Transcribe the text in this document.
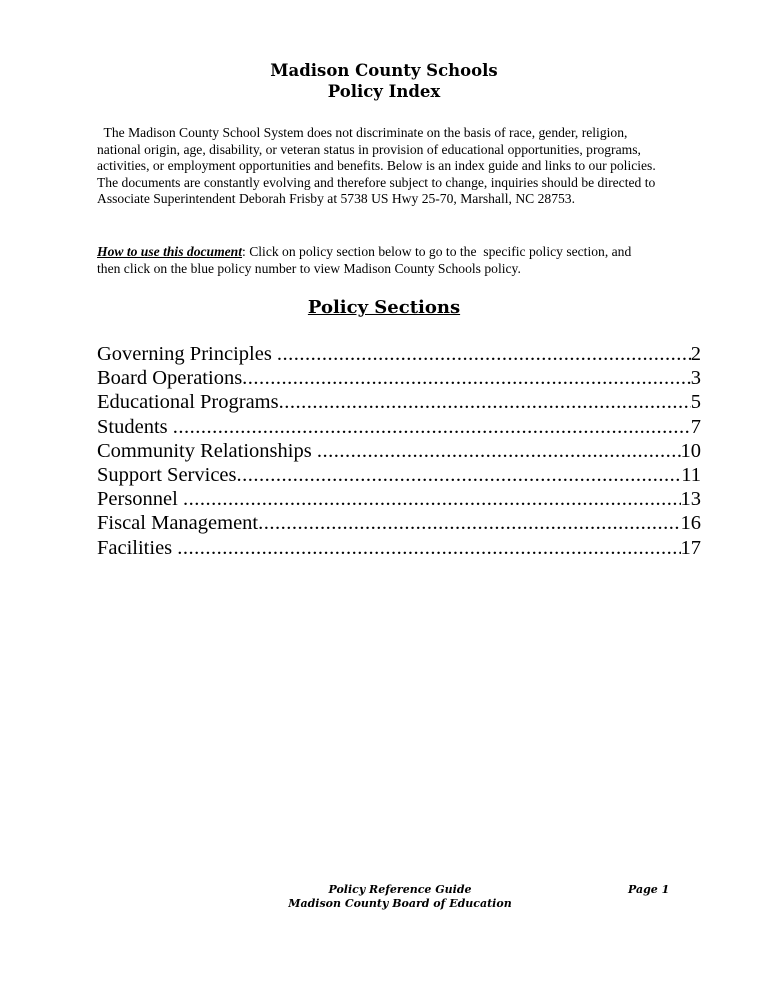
Madison County Schools
Policy Index
The Madison County School System does not discriminate on the basis of race, gender, religion,
national origin, age, disability, or veteran status in provision of educational opportunities, programs,
activities, or employment opportunities and benefits. Below is an index guide and links to our policies.
The documents are constantly evolving and therefore subject to change, inquiries should be directed to
Associate Superintendent Deborah Frisby at 5738 US Hwy 25-70, Marshall, NC 28753.
How to use this document: Click on policy section below to go to the  specific policy section, and
then click on the blue policy number to view Madison County Schools policy.
Policy Sections
Governing Principles .....	2
Board Operations .....	3
Educational Programs .....	5
Students .....	7
Community Relationships .....	10
Support Services .....	11
Personnel .....	13
Fiscal Management .....	16
Facilities .....	17
Policy Reference Guide
Madison County Board of Education
Page 1
